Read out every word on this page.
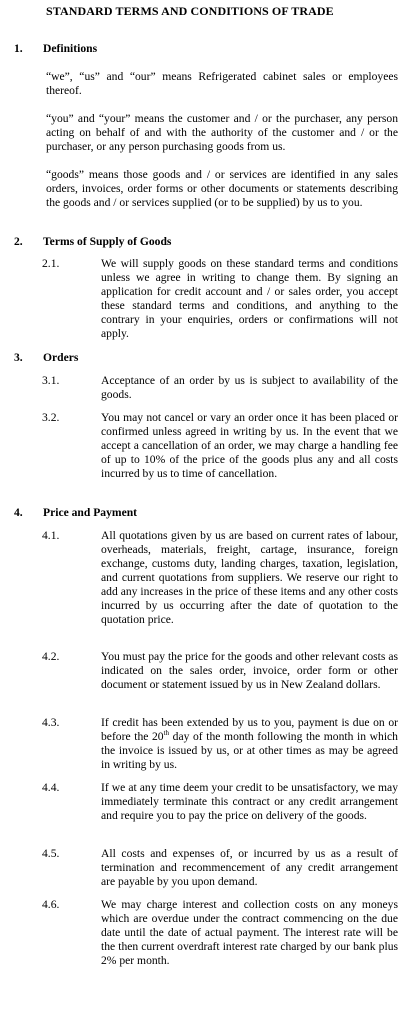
STANDARD TERMS AND CONDITIONS OF TRADE
1. Definitions
“we”, “us” and “our” means Refrigerated cabinet sales or employees thereof.
“you” and “your” means the customer and / or the purchaser, any person acting on behalf of and with the authority of the customer and / or the purchaser, or any person purchasing goods from us.
“goods” means those goods and / or services are identified in any sales orders, invoices, order forms or other documents or statements describing the goods and / or services supplied (or to be supplied) by us to you.
2. Terms of Supply of Goods
2.1.	We will supply goods on these standard terms and conditions unless we agree in writing to change them. By signing an application for credit account and / or sales order, you accept these standard terms and conditions, and anything to the contrary in your enquiries, orders or confirmations will not apply.
3. Orders
3.1.	Acceptance of an order by us is subject to availability of the goods.
3.2.	You may not cancel or vary an order once it has been placed or confirmed unless agreed in writing by us. In the event that we accept a cancellation of an order, we may charge a handling fee of up to 10% of the price of the goods plus any and all costs incurred by us to time of cancellation.
4. Price and Payment
4.1.	All quotations given by us are based on current rates of labour, overheads, materials, freight, cartage, insurance, foreign exchange, customs duty, landing charges, taxation, legislation, and current quotations from suppliers. We reserve our right to add any increases in the price of these items and any other costs incurred by us occurring after the date of quotation to the quotation price.
4.2.	You must pay the price for the goods and other relevant costs as indicated on the sales order, invoice, order form or other document or statement issued by us in New Zealand dollars.
4.3.	If credit has been extended by us to you, payment is due on or before the 20th day of the month following the month in which the invoice is issued by us, or at other times as may be agreed in writing by us.
4.4.	If we at any time deem your credit to be unsatisfactory, we may immediately terminate this contract or any credit arrangement and require you to pay the price on delivery of the goods.
4.5.	All costs and expenses of, or incurred by us as a result of termination and recommencement of any credit arrangement are payable by you upon demand.
4.6.	We may charge interest and collection costs on any moneys which are overdue under the contract commencing on the due date until the date of actual payment. The interest rate will be the then current overdraft interest rate charged by our bank plus 2% per month.
